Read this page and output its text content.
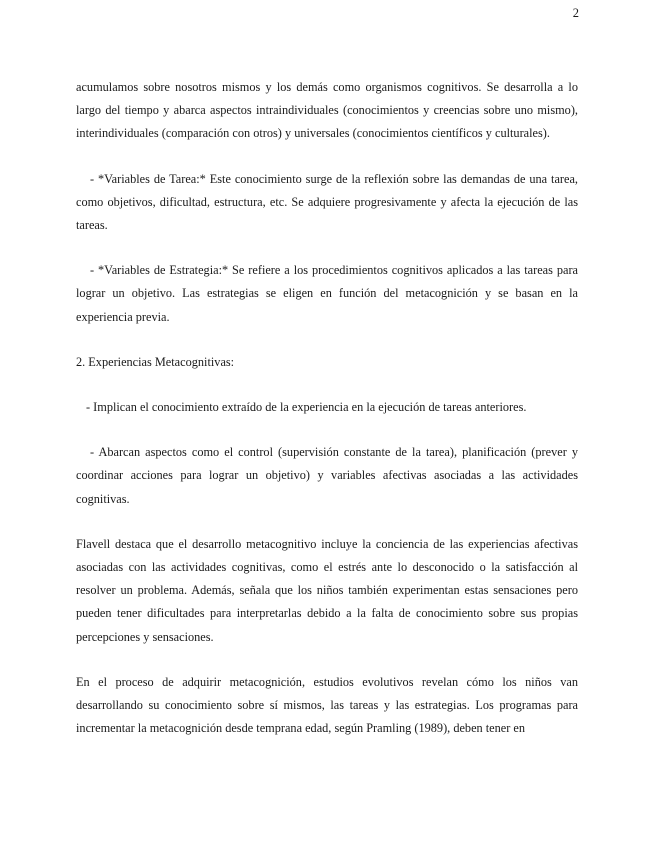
2

acumulamos sobre nosotros mismos y los demás como organismos cognitivos. Se desarrolla a lo largo del tiempo y abarca aspectos intraindividuales (conocimientos y creencias sobre uno mismo), interindividuales (comparación con otros) y universales (conocimientos científicos y culturales).

- *Variables de Tarea:* Este conocimiento surge de la reflexión sobre las demandas de una tarea, como objetivos, dificultad, estructura, etc. Se adquiere progresivamente y afecta la ejecución de las tareas.

- *Variables de Estrategia:* Se refiere a los procedimientos cognitivos aplicados a las tareas para lograr un objetivo. Las estrategias se eligen en función del metacognición y se basan en la experiencia previa.

2. Experiencias Metacognitivas:

- Implican el conocimiento extraído de la experiencia en la ejecución de tareas anteriores.

- Abarcan aspectos como el control (supervisión constante de la tarea), planificación (prever y coordinar acciones para lograr un objetivo) y variables afectivas asociadas a las actividades cognitivas.

Flavell destaca que el desarrollo metacognitivo incluye la conciencia de las experiencias afectivas asociadas con las actividades cognitivas, como el estrés ante lo desconocido o la satisfacción al resolver un problema. Además, señala que los niños también experimentan estas sensaciones pero pueden tener dificultades para interpretarlas debido a la falta de conocimiento sobre sus propias percepciones y sensaciones.

En el proceso de adquirir metacognición, estudios evolutivos revelan cómo los niños van desarrollando su conocimiento sobre sí mismos, las tareas y las estrategias. Los programas para incrementar la metacognición desde temprana edad, según Pramling (1989), deben tener en
